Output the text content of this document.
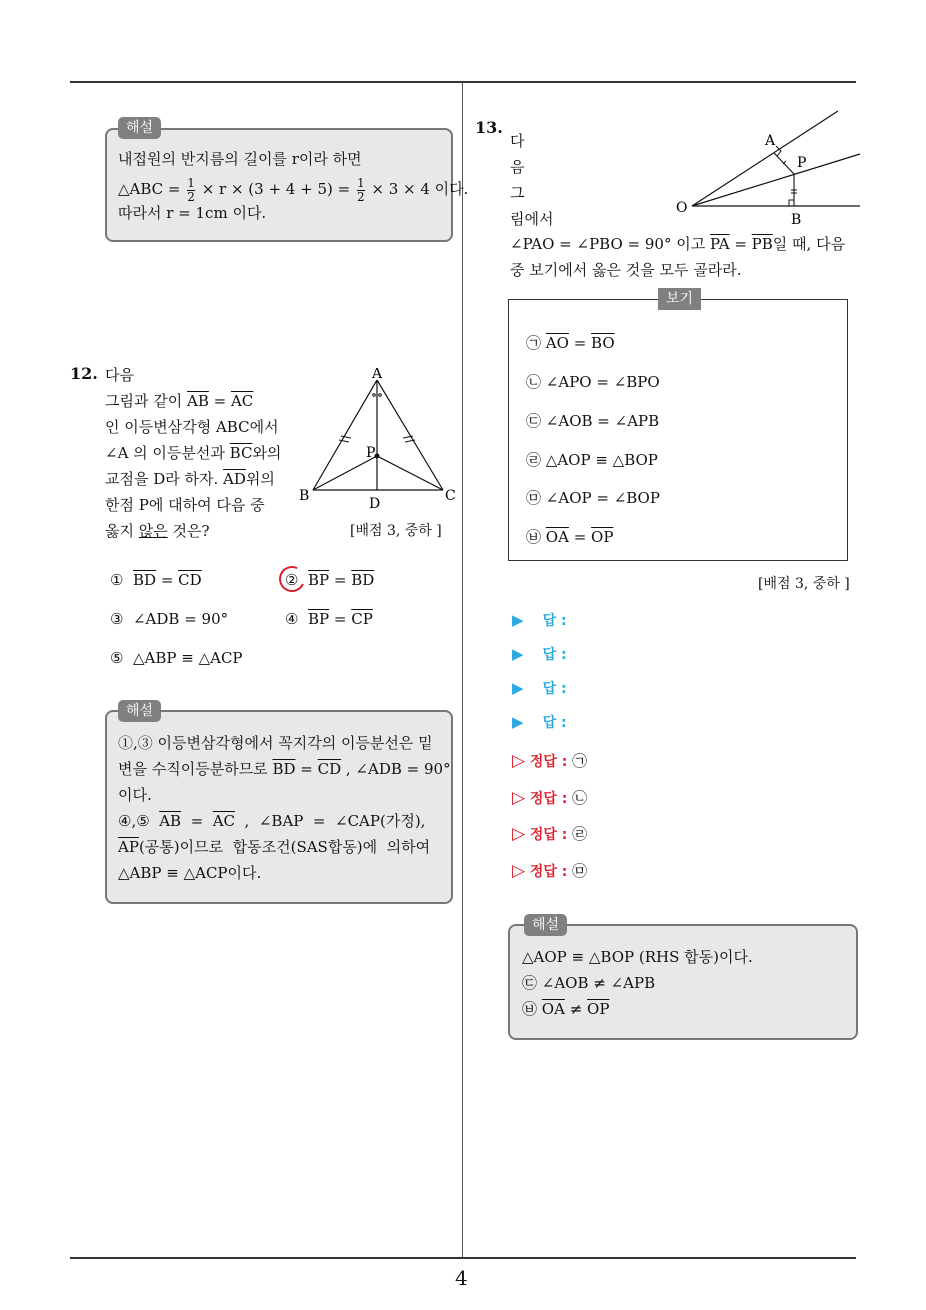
4
해설
내접원의 반지름의 길이를 r이라 하면
△ABC = $\frac{1}{2} \times r \times (3 + 4 + 5) = \frac{1}{2} \times 3 \times 4$ 이다.
따라서 r = 1cm 이다.
12. 다음
그림과 같이 $\overline{AB} = \overline{AC}$
인 이등변삼각형 ABC에서
∠A 의 이등분선과 $\overline{BC}$와의
교점을 D라 하자. $\overline{AD}$위의
한점 P에 대하여 다음 중
옳지 않은 것은?	[배점 3, 중하 ]
A
B	C
D
P
① $\overline{BD} = \overline{CD}$	② $\overline{BP} = \overline{BD}$
③  ∠ADB = 90°	④ $\overline{BP} = \overline{CP}$
⑤ △ABP ≡ △ACP
해설
①,③ 이등변삼각형에서 꼭지각의 이등분선은 밑
변을 수직이등분하므로 $\overline{BD} = \overline{CD}$ , ∠ADB = 90°
이다.
④,⑤  $\overline{AB} = \overline{AC}$  ,  ∠BAP  =  ∠CAP(가정),
$\overline{AP}$(공통)이므로  합동조건(SAS합동)에  의하여
△ABP ≡ △ACP이다.
13.
다
음
그
림에서
A
P
O
B
∠PAO = ∠PBO = 90° 이고 $\overline{PA} = \overline{PB}$일 때, 다음
중 보기에서 옳은 것을 모두 골라라.
보기
㉠ $\overline{AO} = \overline{BO}$
㉡ ∠APO = ∠BPO
㉢ ∠AOB = ∠APB
㉣ △AOP ≡ △BOP
㉤ ∠AOP = ∠BOP
㉥ $\overline{OA} = \overline{OP}$
[배점 3, 중하 ]
▶ 답 :
▶ 답 :
▶ 답 :
▶ 답 :
▷ 정답 : ㉠
▷ 정답 : ㉡
▷ 정답 : ㉣
▷ 정답 : ㉤
해설
△AOP ≡ △BOP (RHS 합동)이다.
㉢ ∠AOB ≠ ∠APB
㉥ $\overline{OA} \ne \overline{OP}$
